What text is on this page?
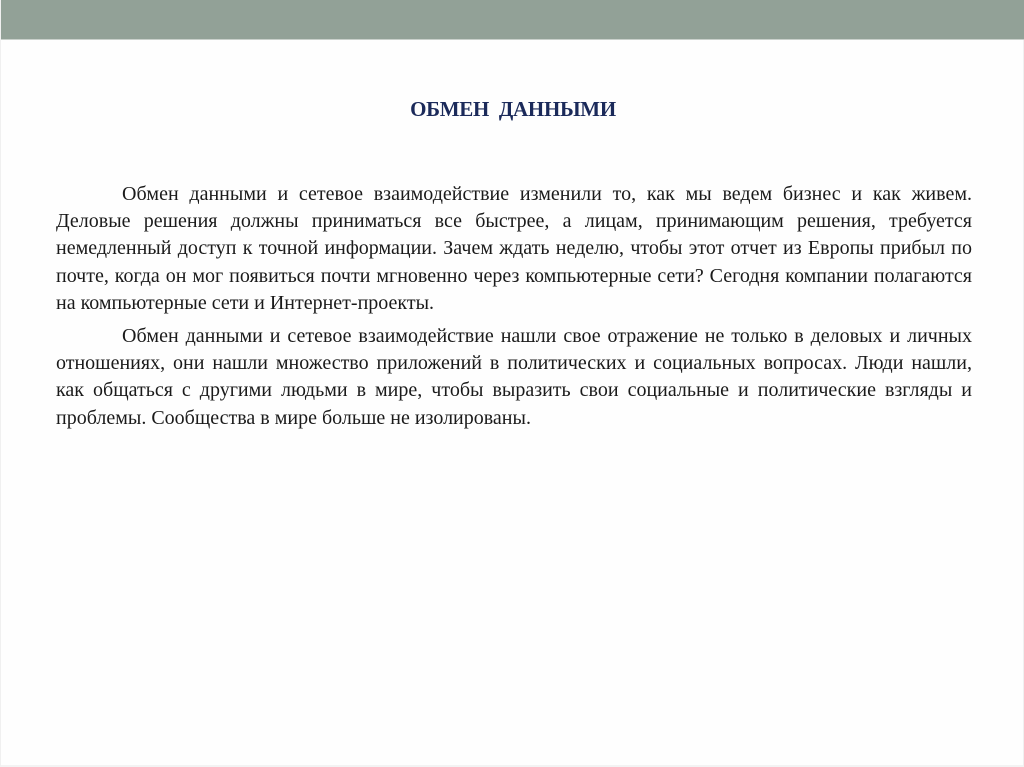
ОБМЕН  ДАННЫМИ

Обмен данными и сетевое взаимодействие изменили то, как мы ведем бизнес и как живем. Деловые решения должны приниматься все быстрее, а лицам, принимающим решения, требуется немедленный доступ к точной информации. Зачем ждать неделю, чтобы этот отчет из Европы прибыл по почте, когда он мог появиться почти мгновенно через компьютерные сети? Сегодня компании полагаются на компьютерные сети и Интернет-проекты.

Обмен данными и сетевое взаимодействие нашли свое отражение не только в деловых и личных отношениях, они нашли множество приложений в политических и социальных вопросах. Люди нашли, как общаться с другими людьми в мире, чтобы выразить свои социальные и политические взгляды и проблемы. Сообщества в мире больше не изолированы.
